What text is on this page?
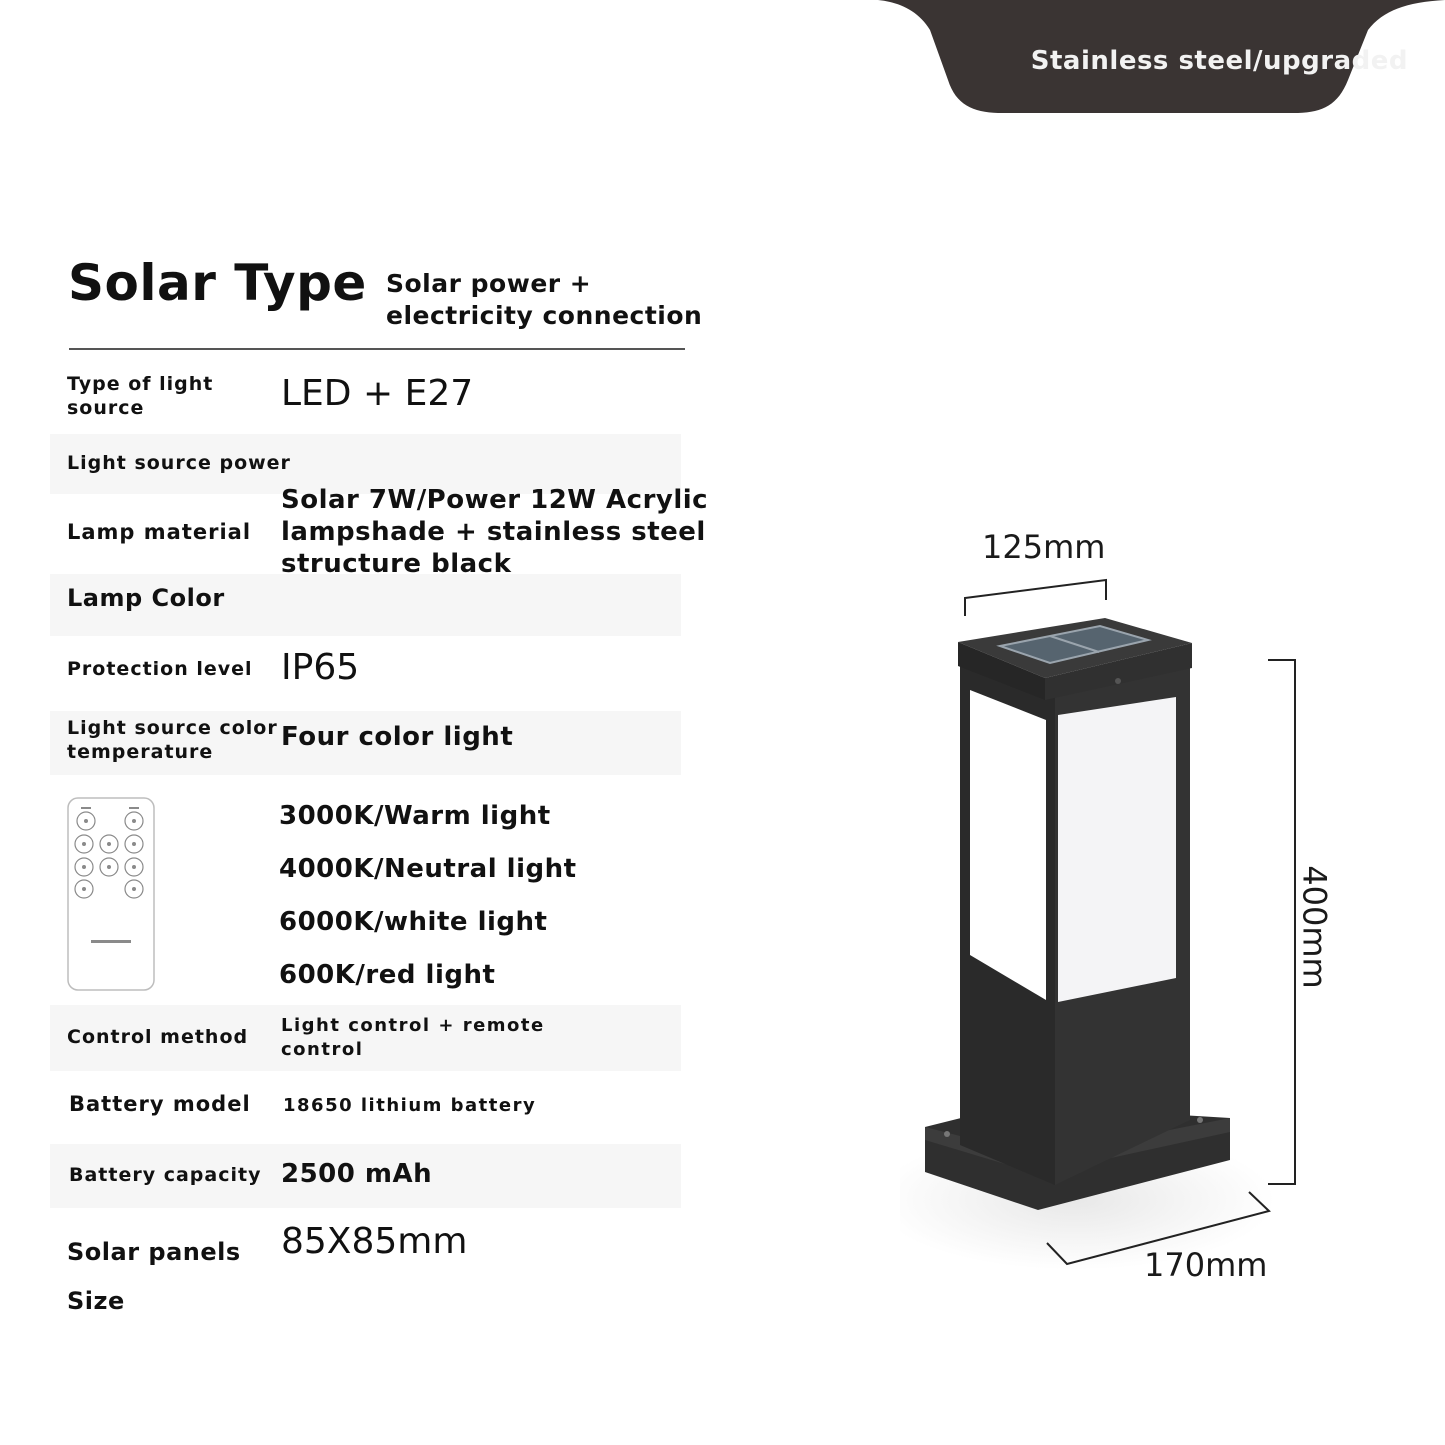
Stainless steel/upgraded
Solar Type Solar power +
electricity connection
Type of light
source	LED + E27
Light source power
Lamp material
Solar 7W/Power 12W Acrylic
lampshade + stainless steel
structure black
Lamp Color
Protection level IP65
Light source color
temperature	Four color light
3000K/Warm light
4000K/Neutral light
6000K/white light
600K/red light
Control method
Light control + remote
control
Battery model 18650 lithium battery
Battery capacity 2500 mAh
Solar panels
Size
85X85mm
125mm
400mm
170mm
